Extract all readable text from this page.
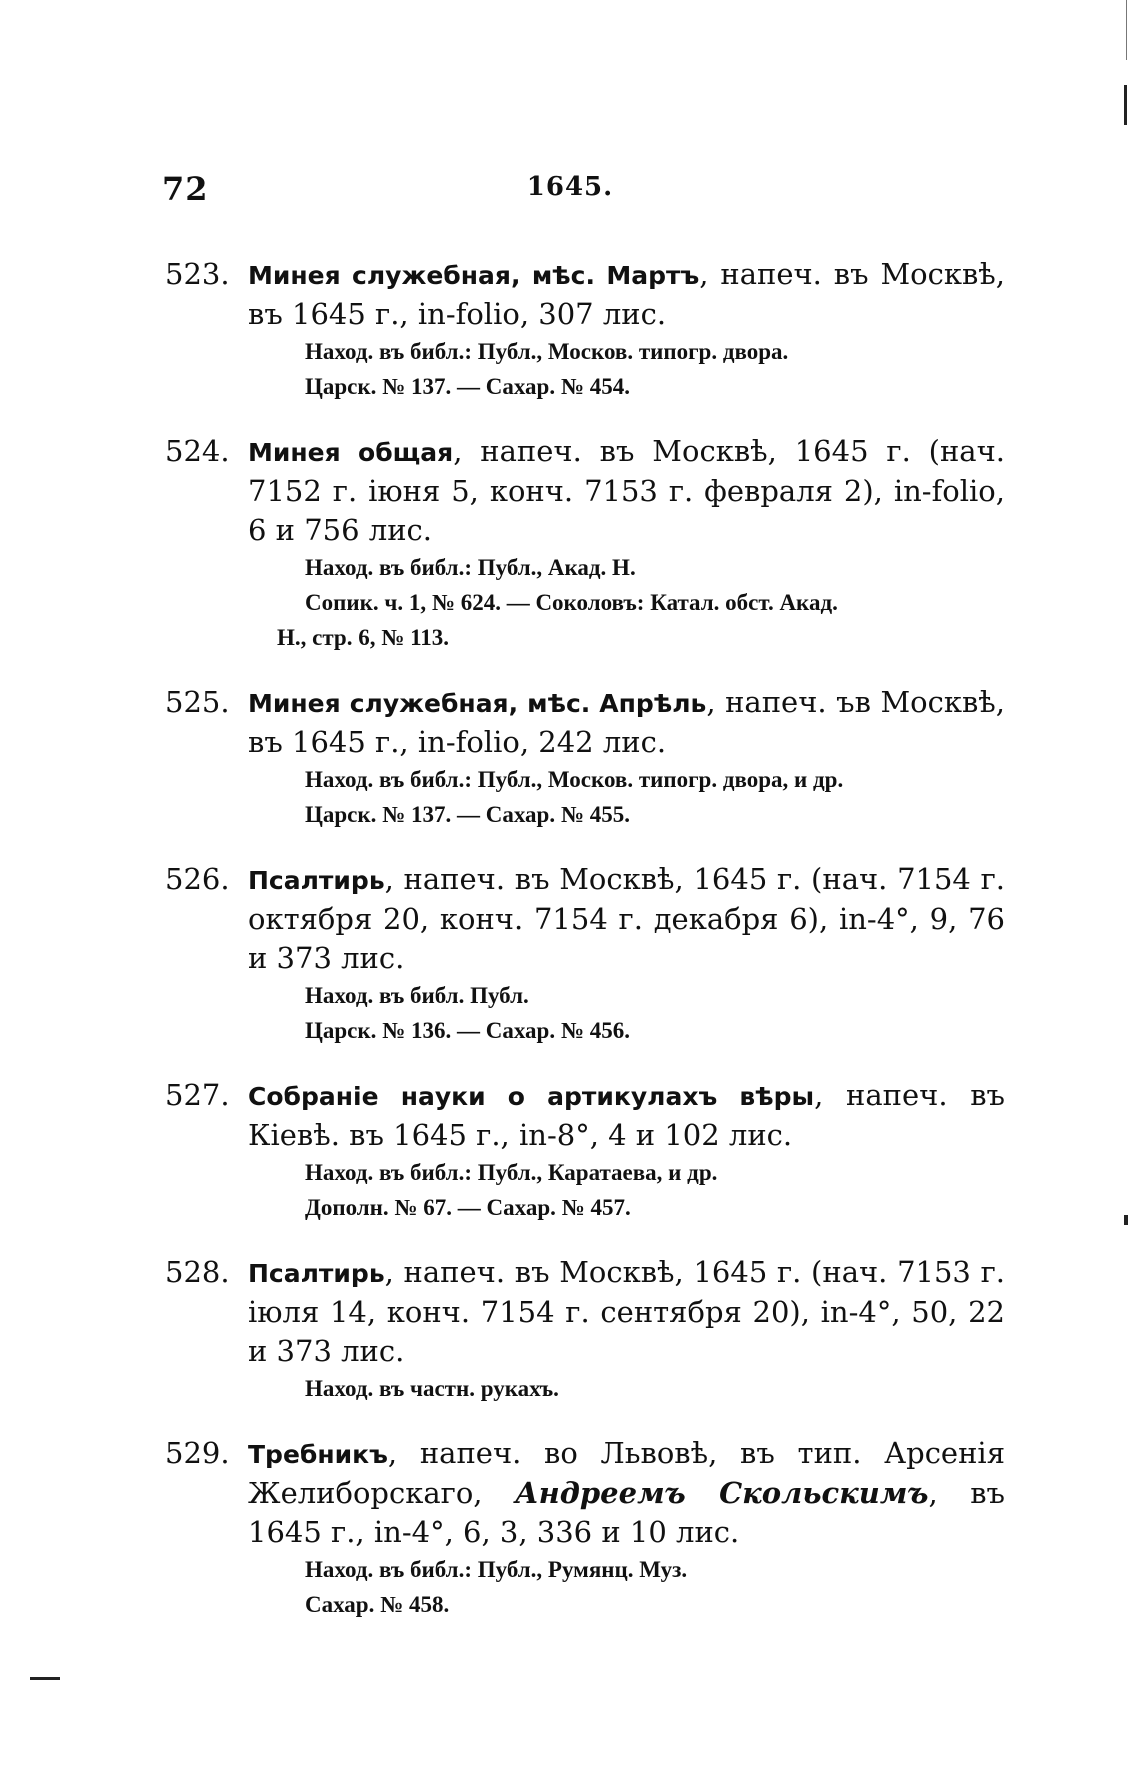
72	1645.
523. Минея служебная, мѣс. Мартъ, напеч. въ Москвѣ, въ 1645 г., in-folio, 307 лис.
Наход. въ библ.: Публ., Москов. типогр. двора.
Царск. № 137. — Сахар. № 454.
524. Минея общая, напеч. въ Москвѣ, 1645 г. (нач. 7152 г. іюня 5, конч. 7153 г. февраля 2), in-folio, 6 и 756 лис.
Наход. въ библ.: Публ., Акад. Н.
Сопик. ч. 1, № 624. — Соколовъ: Катал. обст. Акад.
Н., стр. 6, № 113.
525. Минея служебная, мѣс. Апрѣль, напеч. ъв Москвѣ, въ 1645 г., in-folio, 242 лис.
Наход. въ библ.: Публ., Москов. типогр. двора, и др.
Царск. № 137. — Сахар. № 455.
526. Псалтирь, напеч. въ Москвѣ, 1645 г. (нач. 7154 г. октября 20, конч. 7154 г. декабря 6), in-4°, 9, 76 и 373 лис.
Наход. въ библ. Публ.
Царск. № 136. — Сахар. № 456.
527. Собраніе науки о артикулахъ вѣры, напеч. въ Кіевѣ. въ 1645 г., in-8°, 4 и 102 лис.
Наход. въ библ.: Публ., Каратаева, и др.
Дополн. № 67. — Сахар. № 457.
528. Псалтирь, напеч. въ Москвѣ, 1645 г. (нач. 7153 г. іюля 14, конч. 7154 г. сентября 20), in-4°, 50, 22 и 373 лис.
Наход. въ частн. рукахъ.
529. Требникъ, напеч. во Львовѣ, въ тип. Арсенія Желиборскаго, Андреемъ Скольскимъ, въ 1645 г., in-4°, 6, 3, 336 и 10 лис.
Наход. въ библ.: Публ., Румянц. Муз.
Сахар. № 458.
